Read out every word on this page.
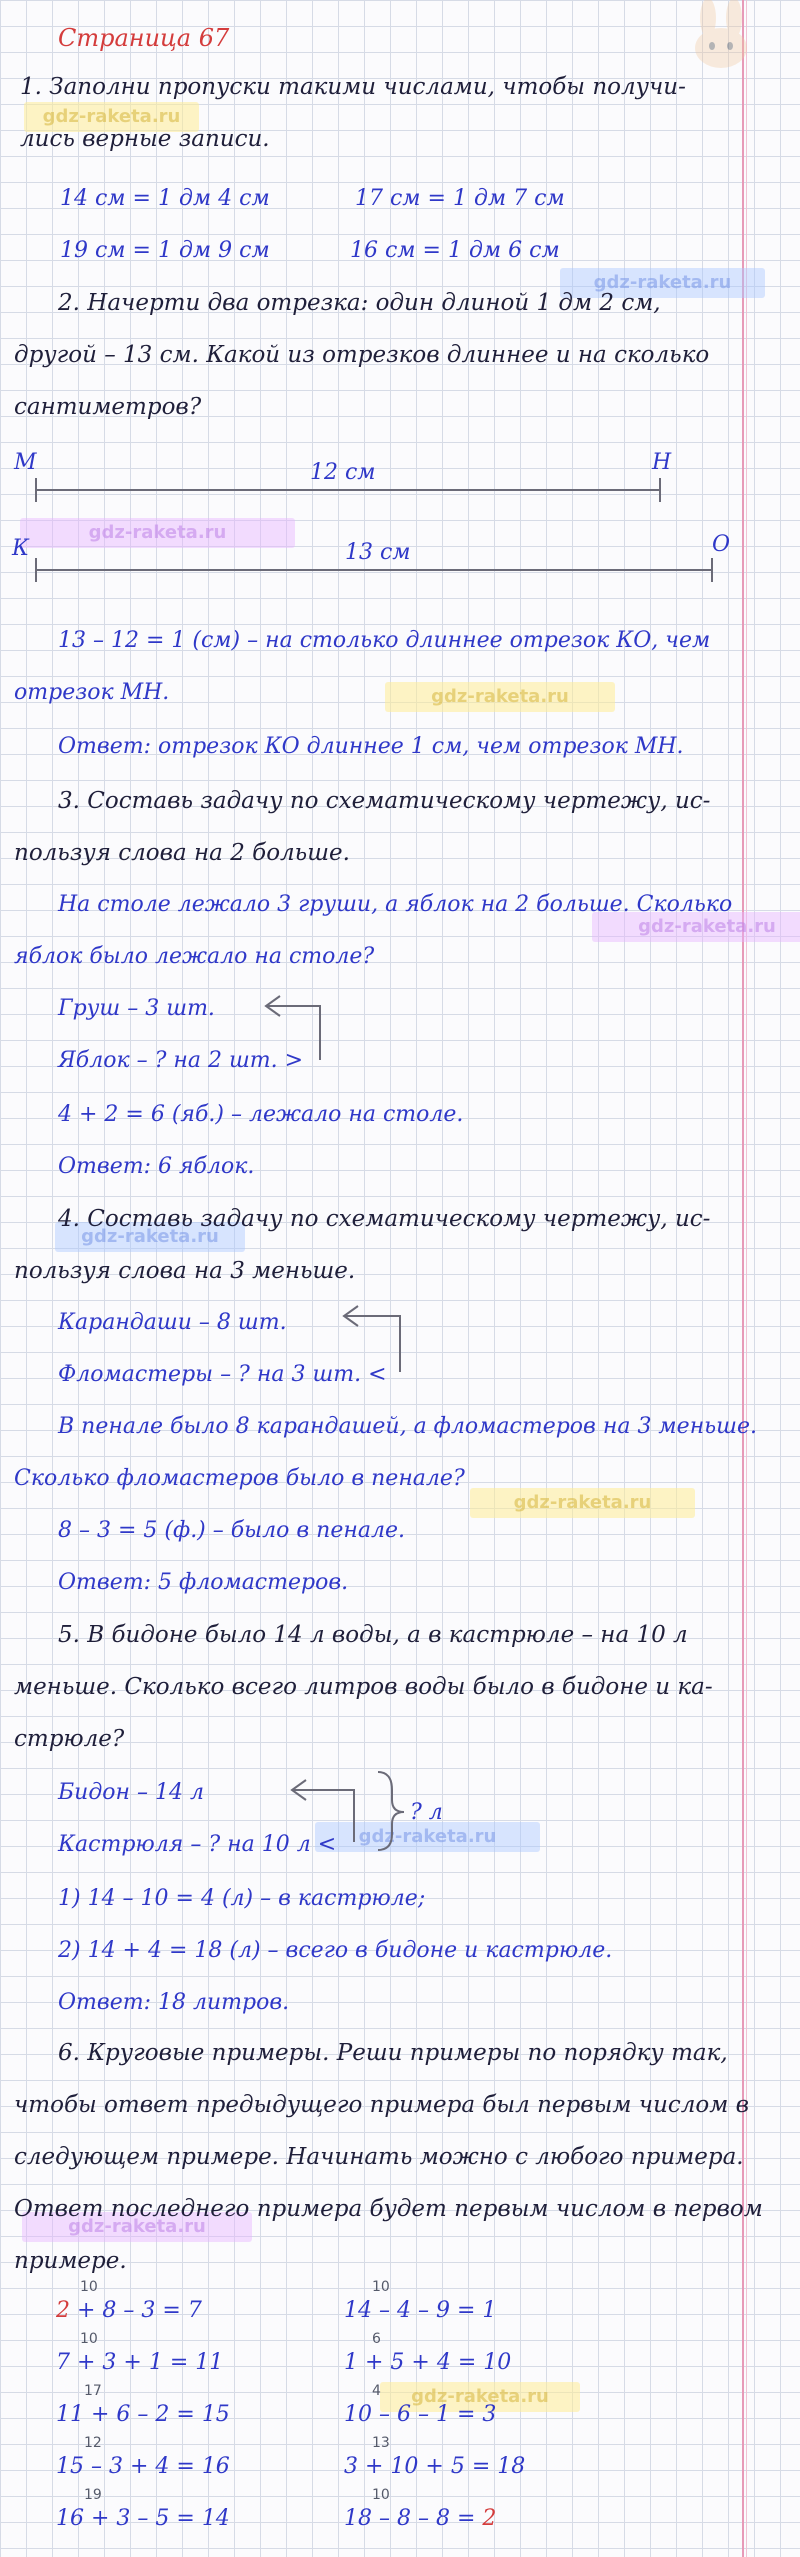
Страница 67
gdz-raketa.ru
gdz-raketa.ru
gdz-raketa.ru
gdz-raketa.ru
gdz-raketa.ru
gdz-raketa.ru
gdz-raketa.ru
gdz-raketa.ru
gdz-raketa.ru
gdz-raketa.ru
1. Заполни пропуски такими числами, чтобы получи-
лись верные записи.
14 см = 1 дм 4 см	17 см = 1 дм 7 см
19 см = 1 дм 9 см	16 см = 1 дм 6 см
2. Начерти два отрезка: один длиной 1 дм 2 см,
другой – 13 см. Какой из отрезков длиннее и на сколько
сантиметров?
М	Н
12 см
К	О
13 см
13 – 12 = 1 (см) – на столько длиннее отрезок КО, чем
отрезок МН.
Ответ: отрезок КО длиннее 1 см, чем отрезок МН.
3. Составь задачу по схематическому чертежу, ис-
пользуя слова на 2 больше.
На столе лежало 3 груши, а яблок на 2 больше. Сколько
яблок было лежало на столе?
Груш – 3 шт.
Яблок – ? на 2 шт. >
4 + 2 = 6 (яб.) – лежало на столе.
Ответ: 6 яблок.
4. Составь задачу по схематическому чертежу, ис-
пользуя слова на 3 меньше.
Карандаши – 8 шт.
Фломастеры – ? на 3 шт. <
В пенале было 8 карандашей, а фломастеров на 3 меньше.
Сколько фломастеров было в пенале?
8 – 3 = 5 (ф.) – было в пенале.
Ответ: 5 фломастеров.
5. В бидоне было 14 л воды, а в кастрюле – на 10 л
меньше. Сколько всего литров воды было в бидоне и ка-
стрюле?
Бидон – 14 л
Кастрюля – ? на 10 л <
? л
1) 14 – 10 = 4 (л) – в кастрюле;
2) 14 + 4 = 18 (л) – всего в бидоне и кастрюле.
Ответ: 18 литров.
6. Круговые примеры. Реши примеры по порядку так,
чтобы ответ предыдущего примера был первым числом в
следующем примере. Начинать можно с любого примера.
Ответ последнего примера будет первым числом в первом
примере.
10
2 + 8 – 3 = 7
10
7 + 3 + 1 = 11
17
11 + 6 – 2 = 15
12
15 – 3 + 4 = 16
19
16 + 3 – 5 = 14
10
14 – 4 – 9 = 1
6
1 + 5 + 4 = 10
4
10 – 6 – 1 = 3
13
3 + 10 + 5 = 18
10
18 – 8 – 8 = 2
